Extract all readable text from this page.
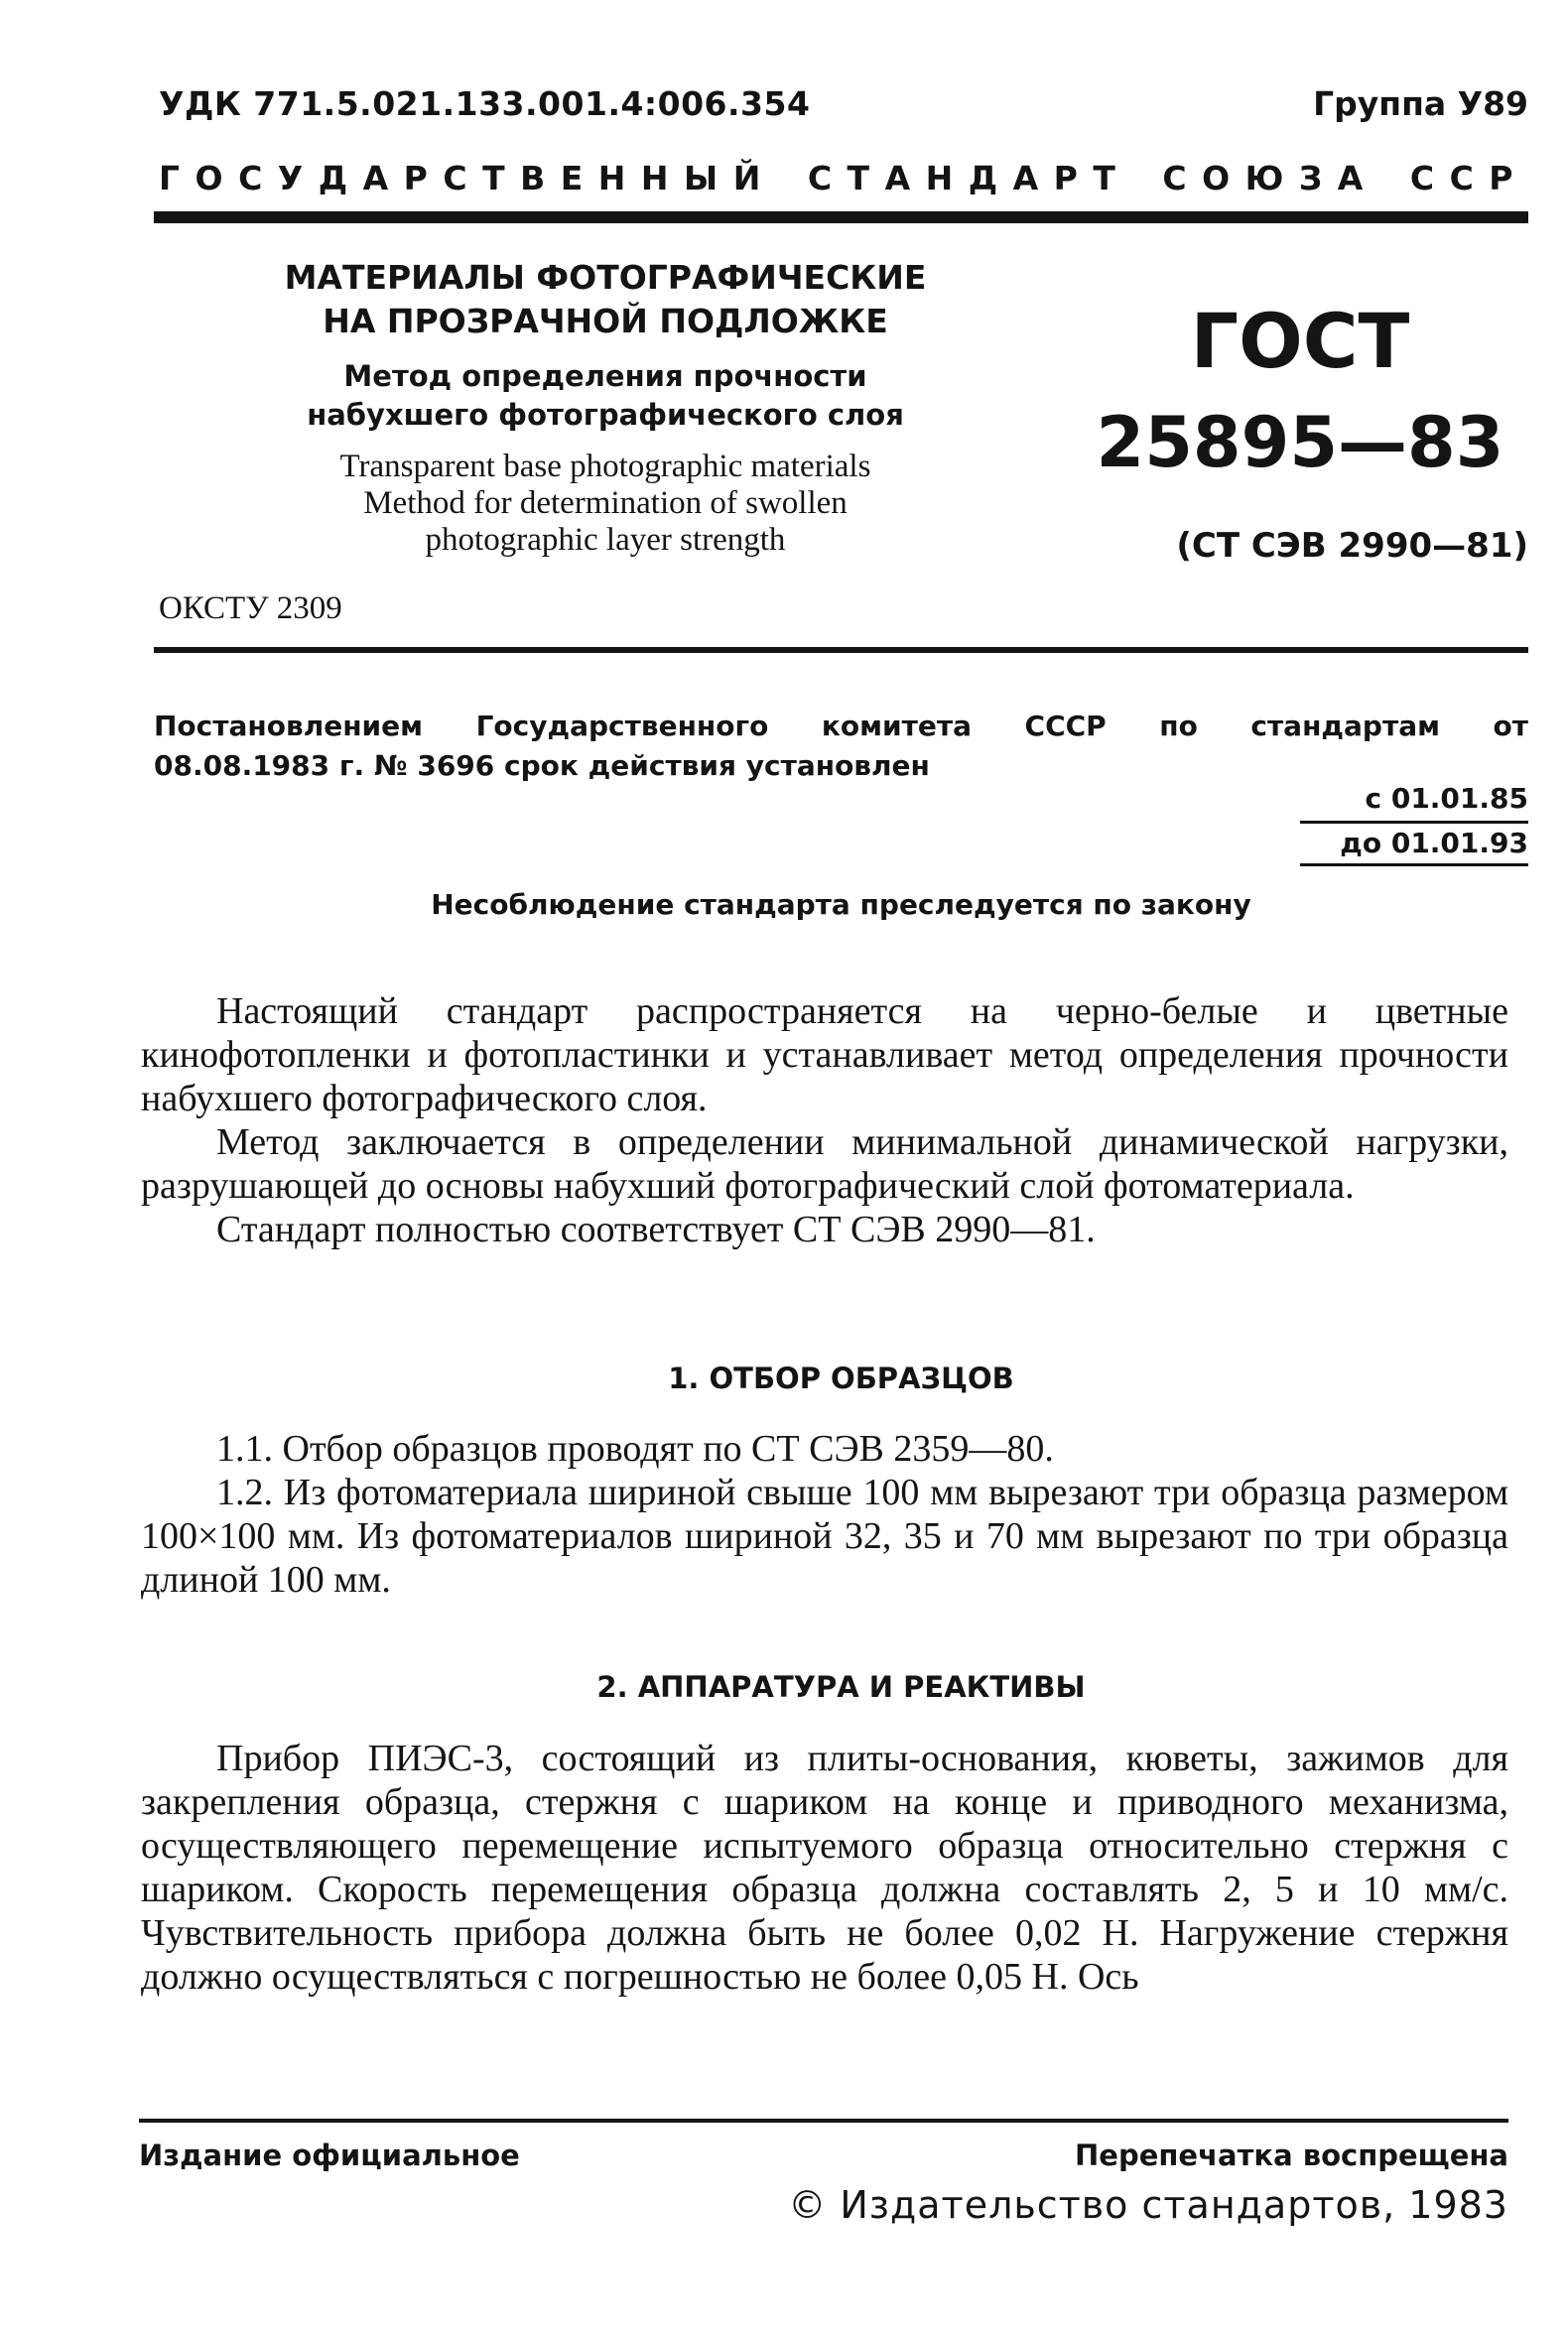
УДК 771.5.021.133.001.4:006.354	Группа У89
ГОСУДАРСТВЕННЫЙ СТАНДАРТ СОЮЗА ССР
МАТЕРИАЛЫ ФОТОГРАФИЧЕСКИЕ
НА ПРОЗРАЧНОЙ ПОДЛОЖКЕ
Метод определения прочности
набухшего фотографического слоя
Transparent base photographic materials
Method for determination of swollen
photographic layer strength
ГОСТ
25895—83
(СТ СЭВ 2990—81)
ОКСТУ 2309
Постановлением Государственного комитета СССР по стандартам от
08.08.1983 г. № 3696 срок действия установлен
с 01.01.85
до 01.01.93
Несоблюдение стандарта преследуется по закону

Настоящий стандарт распространяется на черно-белые и цветные кинофотопленки и фотопластинки и устанавливает метод определения прочности набухшего фотографического слоя.

Метод заключается в определении минимальной динамической нагрузки, разрушающей до основы набухший фотографический слой фотоматериала.

Стандарт полностью соответствует СТ СЭВ 2990—81.

1. ОТБОР ОБРАЗЦОВ

1.1. Отбор образцов проводят по СТ СЭВ 2359—80.

1.2. Из фотоматериала шириной свыше 100 мм вырезают три образца размером 100×100 мм. Из фотоматериалов шириной 32, 35 и 70 мм вырезают по три образца длиной 100 мм.

2. АППАРАТУРА И РЕАКТИВЫ

Прибор ПИЭС-3, состоящий из плиты-основания, кюветы, зажимов для закрепления образца, стержня с шариком на конце и приводного механизма, осуществляющего перемещение испытуемого образца относительно стержня с шариком. Скорость перемещения образца должна составлять 2, 5 и 10 мм/с. Чувствительность прибора должна быть не более 0,02 Н. Нагружение стержня должно осуществляться с погрешностью не более 0,05 Н. Ось

Издание официальное	Перепечатка воспрещена
© Издательство стандартов, 1983
